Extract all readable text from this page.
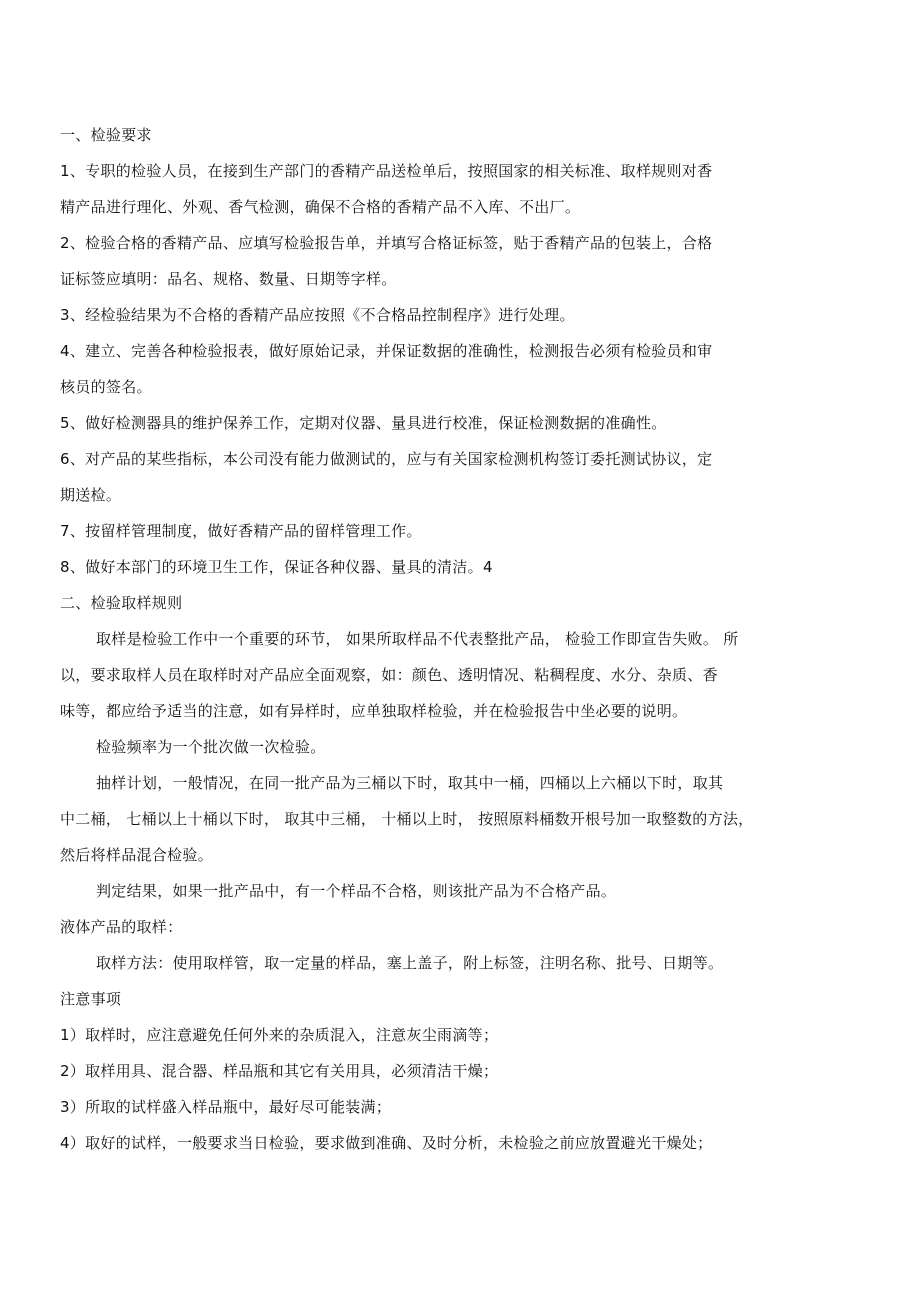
一、检验要求
1、专职的检验人员，在接到生产部门的香精产品送检单后，按照国家的相关标准、取样规则对香
精产品进行理化、外观、香气检测，确保不合格的香精产品不入库、不出厂。
2、检验合格的香精产品、应填写检验报告单，并填写合格证标签，贴于香精产品的包装上，合格
证标签应填明：品名、规格、数量、日期等字样。
3、经检验结果为不合格的香精产品应按照《不合格品控制程序》进行处理。
4、建立、完善各种检验报表，做好原始记录，并保证数据的准确性，检测报告必须有检验员和审
核员的签名。
5、做好检测器具的维护保养工作，定期对仪器、量具进行校准，保证检测数据的准确性。
6、对产品的某些指标，本公司没有能力做测试的，应与有关国家检测机构签订委托测试协议，定
期送检。
7、按留样管理制度，做好香精产品的留样管理工作。
8、做好本部门的环境卫生工作，保证各种仪器、量具的清洁。4
二、检验取样规则
取样是检验工作中一个重要的环节， 如果所取样品不代表整批产品， 检验工作即宣告失败。 所
以，要求取样人员在取样时对产品应全面观察，如：颜色、透明情况、粘稠程度、水分、杂质、香
味等，都应给予适当的注意，如有异样时，应单独取样检验，并在检验报告中坐必要的说明。
检验频率为一个批次做一次检验。
抽样计划，一般情况，在同一批产品为三桶以下时，取其中一桶，四桶以上六桶以下时，取其
中二桶， 七桶以上十桶以下时， 取其中三桶， 十桶以上时， 按照原料桶数开根号加一取整数的方法，
然后将样品混合检验。
判定结果，如果一批产品中，有一个样品不合格，则该批产品为不合格产品。
液体产品的取样：
取样方法：使用取样管，取一定量的样品，塞上盖子，附上标签，注明名称、批号、日期等。
注意事项
1）取样时，应注意避免任何外来的杂质混入，注意灰尘雨滴等；
2）取样用具、混合器、样品瓶和其它有关用具，必须清洁干燥；
3）所取的试样盛入样品瓶中，最好尽可能装满；
4）取好的试样，一般要求当日检验，要求做到准确、及时分析，未检验之前应放置避光干燥处；
